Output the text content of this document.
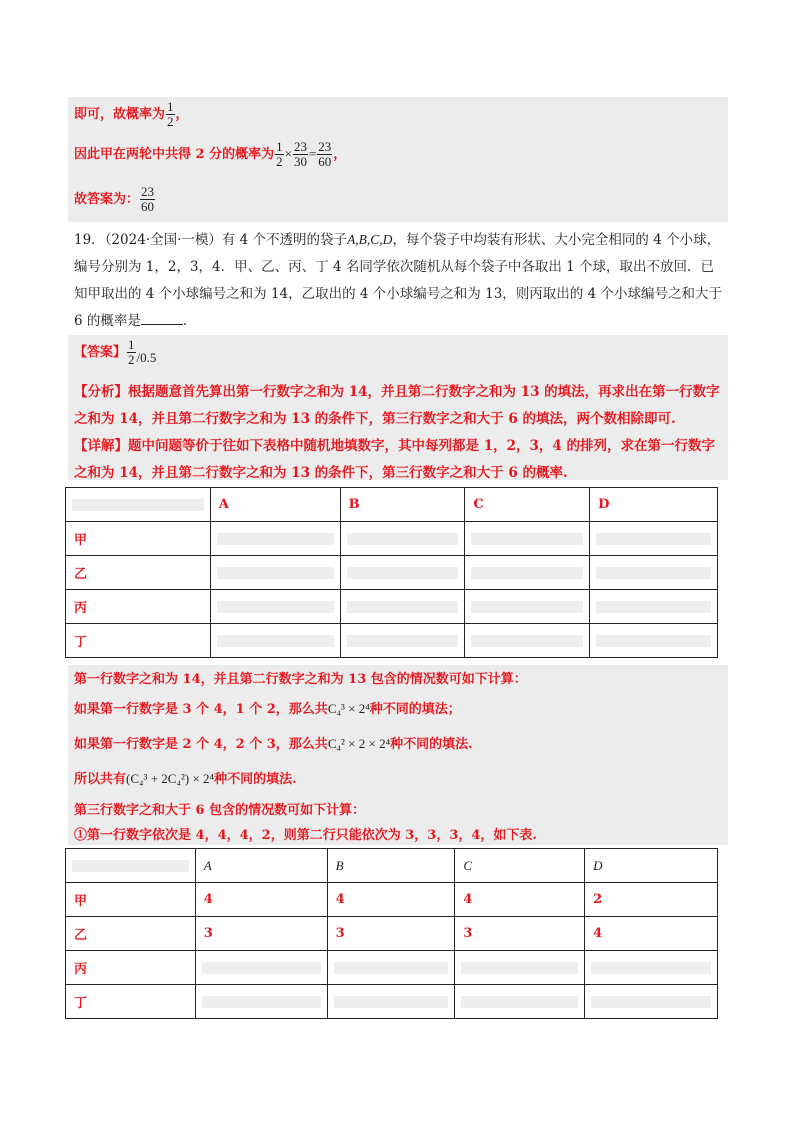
即可，故概率为 $\frac{1}{2}$ ，
因此甲在两轮中共得 2 分的概率为 $\frac{1}{2} \times \frac{23}{30} = \frac{23}{60}$ ，
故答案为： $\frac{23}{60}$
19．（2024·全国·一模）有 4 个不透明的袋子A,B,C,D，每个袋子中均装有形状、大小完全相同的 4 个小球，编号分别为 1，2，3，4．甲、乙、丙、丁 4 名同学依次随机从每个袋子中各取出 1 个球，取出不放回．已知甲取出的 4 个小球编号之和为 14，乙取出的 4 个小球编号之和为 13，则丙取出的 4 个小球编号之和大于 6 的概率是	．
【答案】 $\frac{1}{2} /0.5$
【分析】根据题意首先算出第一行数字之和为 14，并且第二行数字之和为 13 的填法，再求出在第一行数字之和为 14，并且第二行数字之和为 13 的条件下，第三行数字之和大于 6 的填法，两个数相除即可.
【详解】题中问题等价于往如下表格中随机地填数字，其中每列都是 1，2，3，4 的排列，求在第一行数字之和为 14，并且第二行数字之和为 13 的条件下，第三行数字之和大于 6 的概率.
	A	B	C	D
甲	

乙	

丙	

丁	

第一行数字之和为 14，并且第二行数字之和为 13 包含的情况数可如下计算：
如果第一行数字是 3 个 4，1 个 2，那么共C₄³ × 2⁴种不同的填法；
如果第一行数字是 2 个 4，2 个 3，那么共C₄² × 2 × 2⁴种不同的填法.
所以共有(C₄³ + 2C₄²) × 2⁴种不同的填法.
第三行数字之和大于 6 包含的情况数可如下计算：
①第一行数字依次是 4，4，4，2，则第二行只能依次为 3，3，3，4，如下表.
	A	B	C	D
甲	4	4	4	2
乙	3	3	3	4
丙	

丁	
